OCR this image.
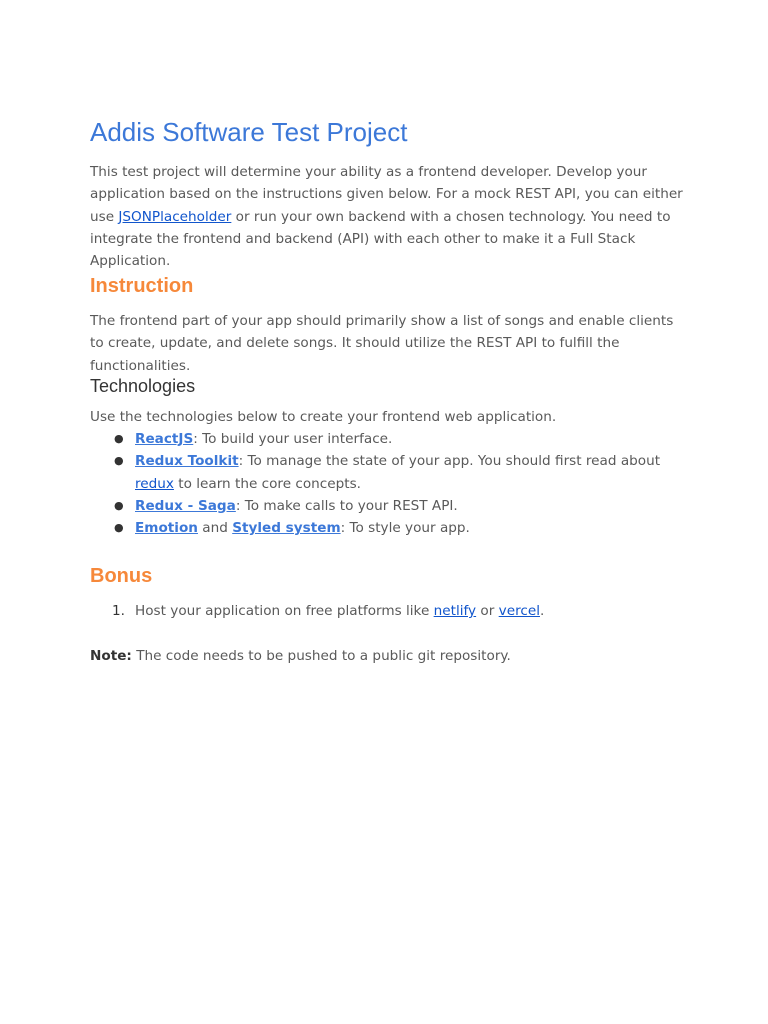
Addis Software Test Project

This test project will determine your ability as a frontend developer. Develop your application based on the instructions given below. For a mock REST API, you can either use JSONPlaceholder or run your own backend with a chosen technology. You need to integrate the frontend and backend (API) with each other to make it a Full Stack Application.

Instruction

The frontend part of your app should primarily show a list of songs and enable clients to create, update, and delete songs. It should utilize the REST API to fulfill the functionalities.

Technologies

Use the technologies below to create your frontend web application.

● ReactJS: To build your user interface.
● Redux Toolkit: To manage the state of your app. You should first read about redux to learn the core concepts.
● Redux - Saga: To make calls to your REST API.
● Emotion and Styled system: To style your app.
Bonus
1. Host your application on free platforms like netlify or vercel.

Note: The code needs to be pushed to a public git repository.
